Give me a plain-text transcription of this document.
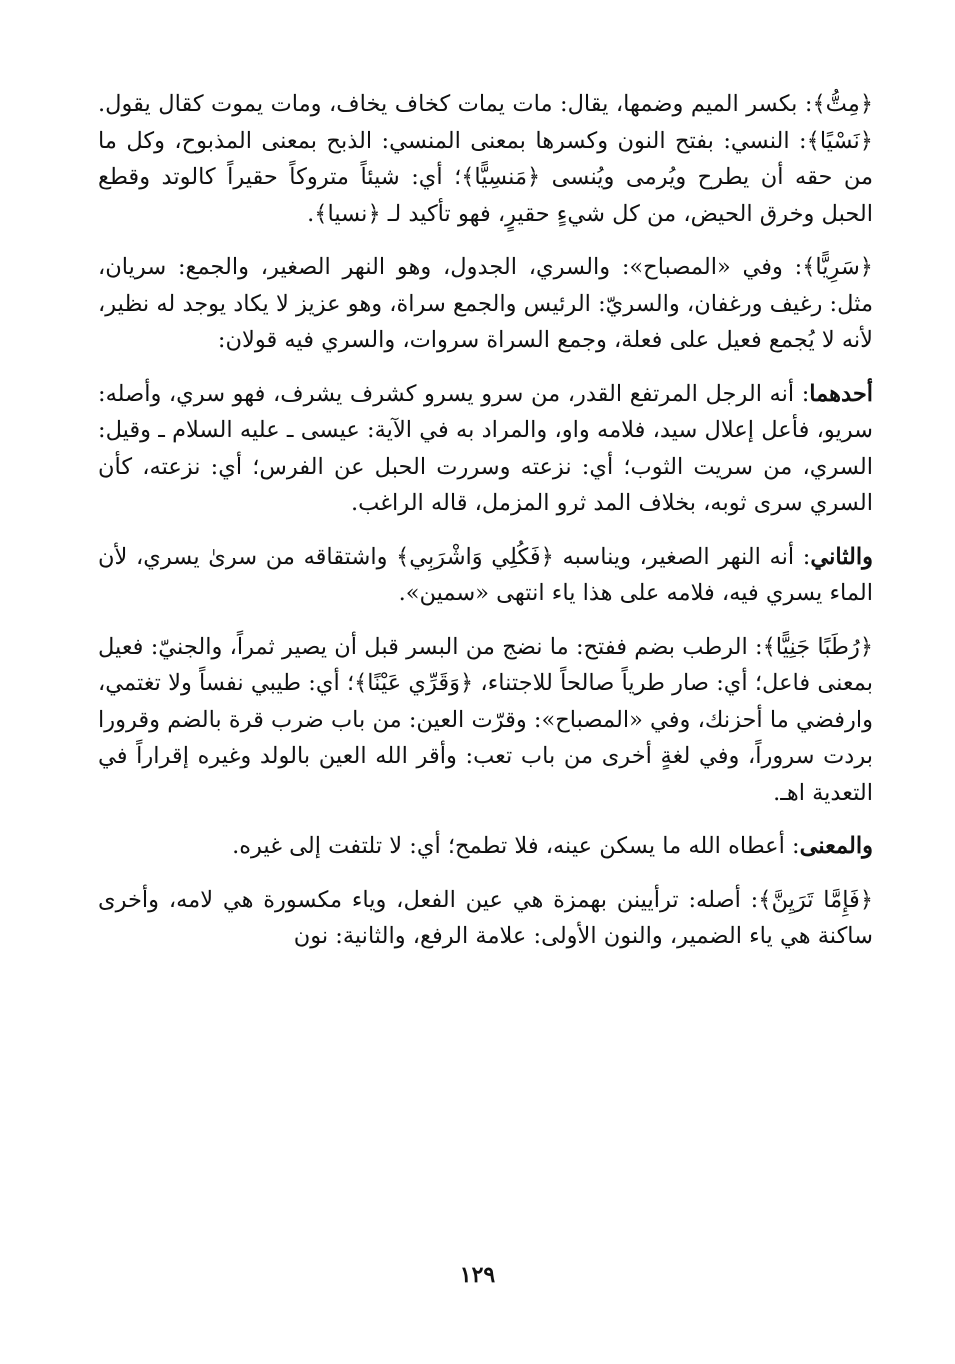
﴿مِتُّ﴾: بكسر الميم وضمها، يقال: مات يمات كخاف يخاف، ومات يموت كقال يقول. ﴿نَسْيًا﴾: النسي: بفتح النون وكسرها بمعنى المنسي: الذبح بمعنى المذبوح، وكل ما من حقه أن يطرح ويُرمى ويُنسى ﴿مَنسِيًّا﴾؛ أي: شيئاً متروكاً حقيراً كالوتد وقطع الحبل وخرق الحيض، من كل شيءٍ حقيرٍ، فهو تأكيد لـ ﴿نسيا﴾.

﴿سَرِيًّا﴾: وفي «المصباح»: والسري، الجدول، وهو النهر الصغير، والجمع: سريان، مثل: رغيف ورغفان، والسريّ: الرئيس والجمع سراة، وهو عزيز لا يكاد يوجد له نظير، لأنه لا يُجمع فعيل على فعلة، وجمع السراة سروات، والسري فيه قولان:

أحدهما: أنه الرجل المرتفع القدر، من سرو يسرو كشرف يشرف، فهو سري، وأصله: سريو، فأعل إعلال سيد، فلامه واو، والمراد به في الآية: عيسى ـ عليه السلام ـ وقيل: السري، من سريت الثوب؛ أي: نزعته وسررت الحبل عن الفرس؛ أي: نزعته، كأن السري سرى ثوبه، بخلاف المد ثرو المزمل، قاله الراغب.

والثاني: أنه النهر الصغير، ويناسبه ﴿فَكُلِي وَاشْرَبِي﴾ واشتقاقه من سرىٰ يسري، لأن الماء يسري فيه، فلامه على هذا ياء انتهى «سمين».

﴿رُطَبًا جَنِيًّا﴾: الرطب بضم ففتح: ما نضج من البسر قبل أن يصير ثمراً، والجنيّ: فعيل بمعنى فاعل؛ أي: صار طرياً صالحاً للاجتناء، ﴿وَقَرِّي عَيْنًا﴾؛ أي: طيبي نفساً ولا تغتمي، وارفضي ما أحزنك، وفي «المصباح»: وقرّت العين: من باب ضرب قرة بالضم وقرورا بردت سروراً، وفي لغةٍ أخرى من باب تعب: وأقر الله العين بالولد وغيره إقراراً في التعدية اهـ.

والمعنى: أعطاه الله ما يسكن عينه، فلا تطمح؛ أي: لا تلتفت إلى غيره.

﴿فَإِمَّا تَرَيِنَّ﴾: أصله: ترأيينن بهمزة هي عين الفعل، وياء مكسورة هي لامه، وأخرى ساكنة هي ياء الضمير، والنون الأولى: علامة الرفع، والثانية: نون

١٢٩
